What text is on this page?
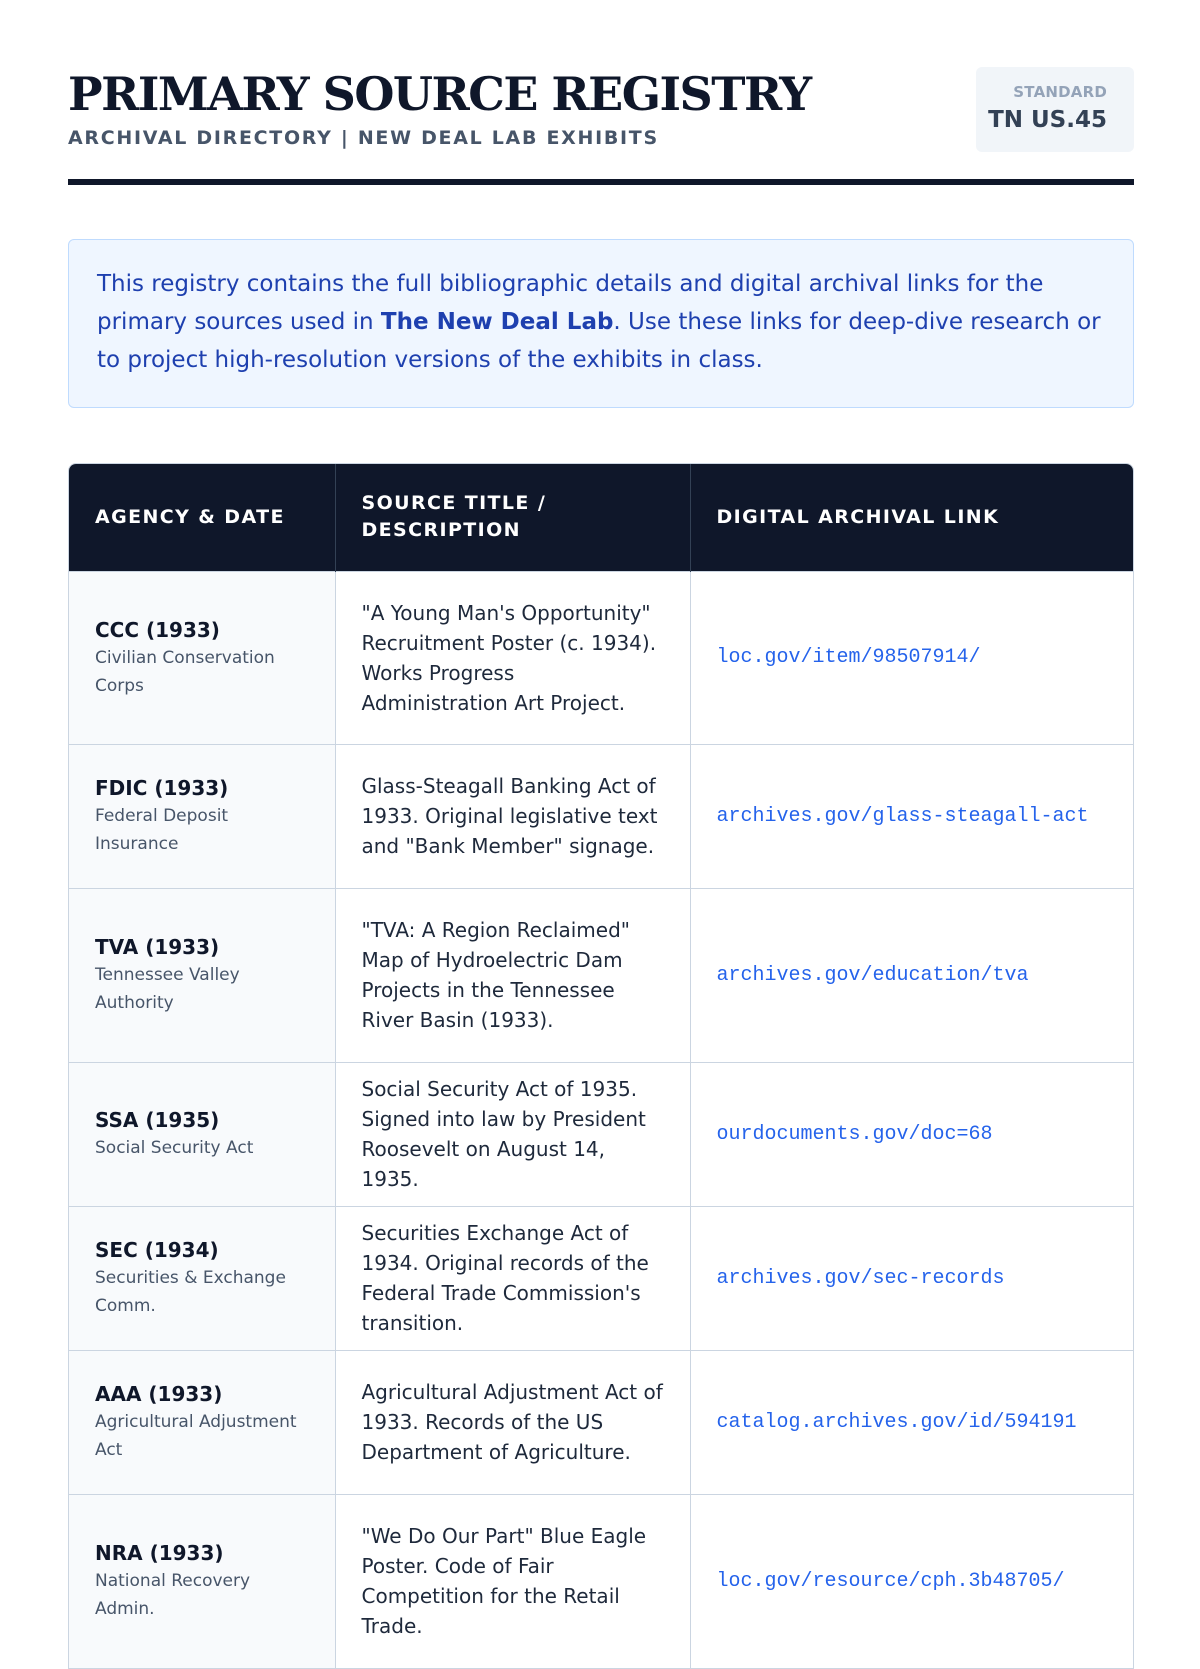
PRIMARY SOURCE REGISTRY
ARCHIVAL DIRECTORY | NEW DEAL LAB EXHIBITS
STANDARD
TN US.45
This registry contains the full bibliographic details and digital archival links for the primary sources used in The New Deal Lab. Use these links for deep-dive research or to project high-resolution versions of the exhibits in class.
AGENCY & DATE	SOURCE TITLE / DESCRIPTION	DIGITAL ARCHIVAL LINK

CCC (1933)
Civilian Conservation Corps	"A Young Man's Opportunity" Recruitment Poster (c. 1934). Works Progress Administration Art Project.	loc.gov/item/98507914/

FDIC (1933)
Federal Deposit Insurance	Glass-Steagall Banking Act of 1933. Original legislative text and "Bank Member" signage.	archives.gov/glass-steagall-act

TVA (1933)
Tennessee Valley Authority	"TVA: A Region Reclaimed" Map of Hydroelectric Dam Projects in the Tennessee River Basin (1933).	archives.gov/education/tva

SSA (1935)
Social Security Act	Social Security Act of 1935. Signed into law by President Roosevelt on August 14, 1935.	ourdocuments.gov/doc=68

SEC (1934)
Securities & Exchange Comm.	Securities Exchange Act of 1934. Original records of the Federal Trade Commission's transition.	archives.gov/sec-records

AAA (1933)
Agricultural Adjustment Act	Agricultural Adjustment Act of 1933. Records of the US Department of Agriculture.	catalog.archives.gov/id/594191

NRA (1933)
National Recovery Admin.	"We Do Our Part" Blue Eagle Poster. Code of Fair Competition for the Retail Trade.	loc.gov/resource/cph.3b48705/
